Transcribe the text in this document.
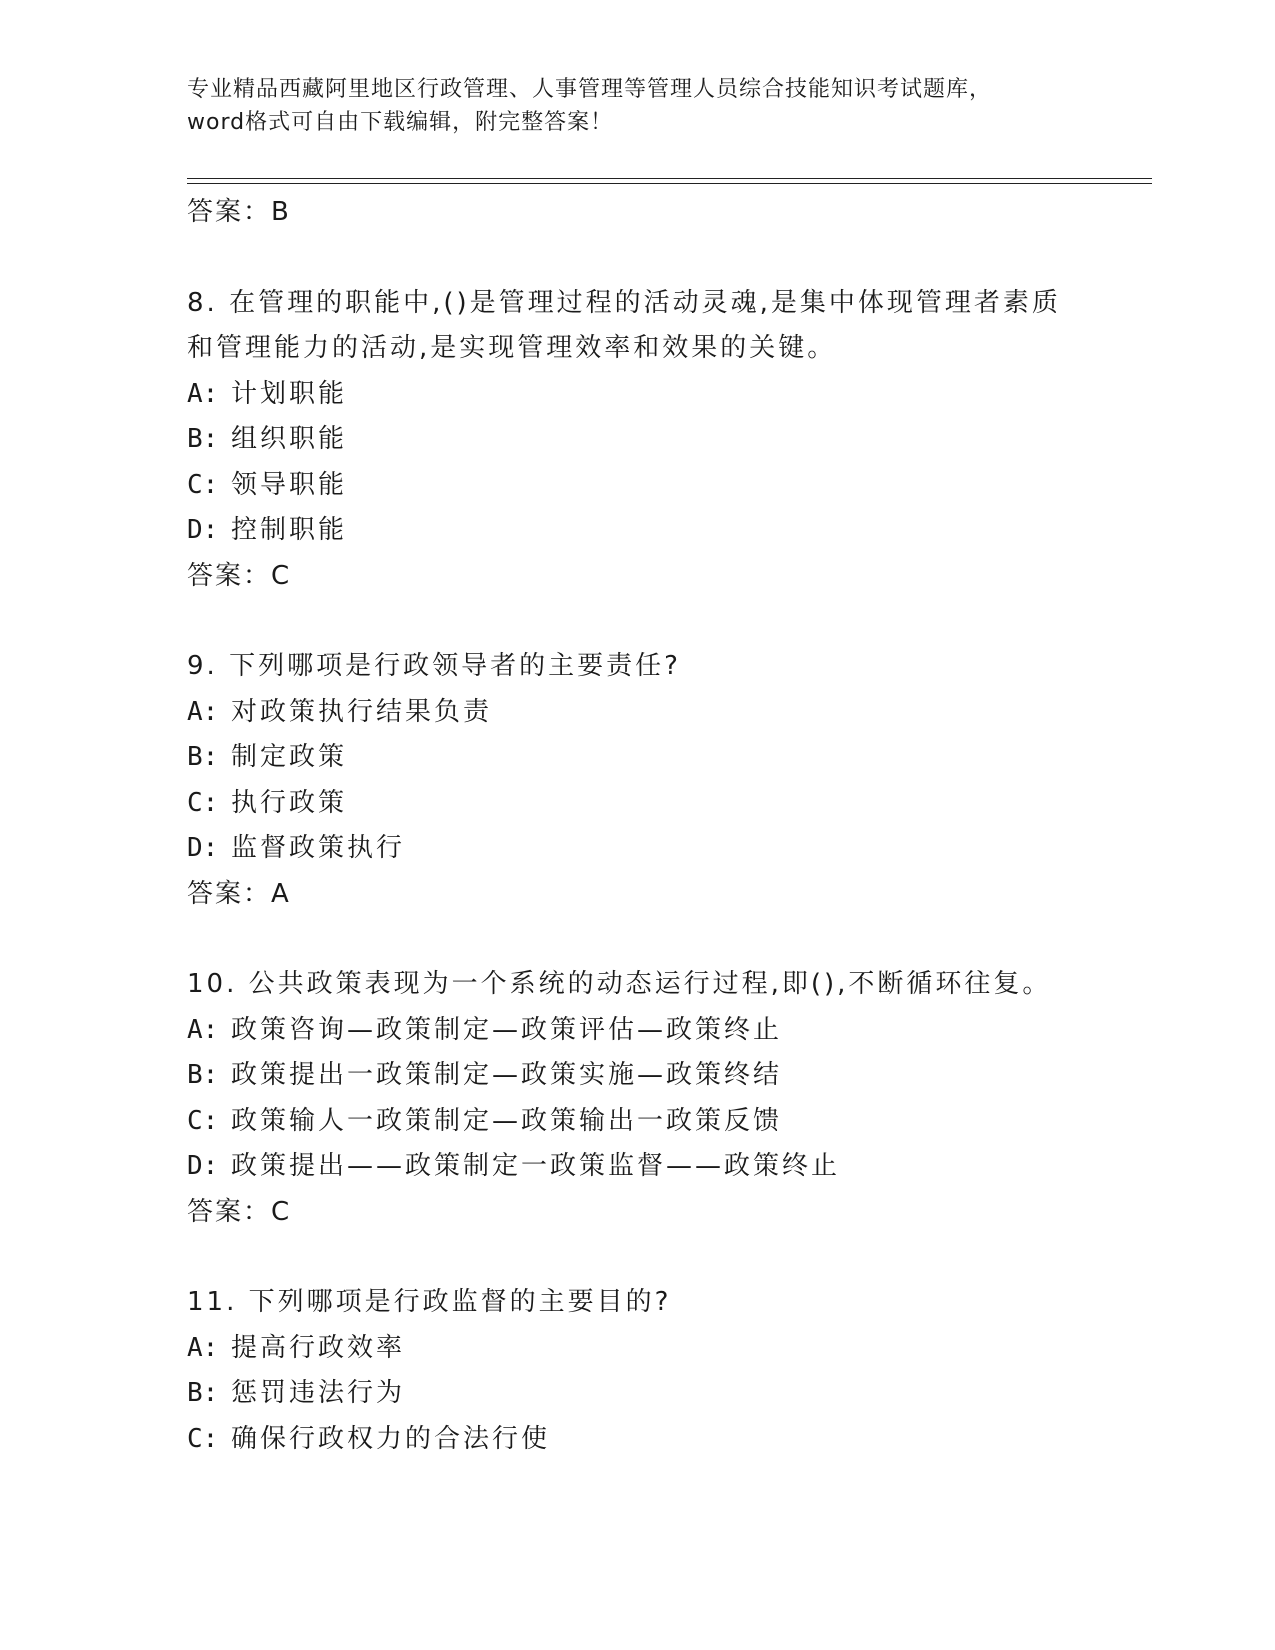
专业精品西藏阿里地区行政管理、人事管理等管理人员综合技能知识考试题库，
word格式可自由下载编辑，附完整答案！
答案：B
8. 在管理的职能中,()是管理过程的活动灵魂,是集中体现管理者素质
和管理能力的活动,是实现管理效率和效果的关键。
A: 计划职能
B: 组织职能
C: 领导职能
D: 控制职能
答案：C
9. 下列哪项是行政领导者的主要责任?
A: 对政策执行结果负责
B: 制定政策
C: 执行政策
D: 监督政策执行
答案：A
10. 公共政策表现为一个系统的动态运行过程,即(),不断循环往复。
A: 政策咨询—政策制定—政策评估—政策终止
B: 政策提出一政策制定—政策实施—政策终结
C: 政策输人一政策制定—政策输出一政策反馈
D: 政策提出——政策制定一政策监督——政策终止
答案：C
11. 下列哪项是行政监督的主要目的?
A: 提高行政效率
B: 惩罚违法行为
C: 确保行政权力的合法行使
